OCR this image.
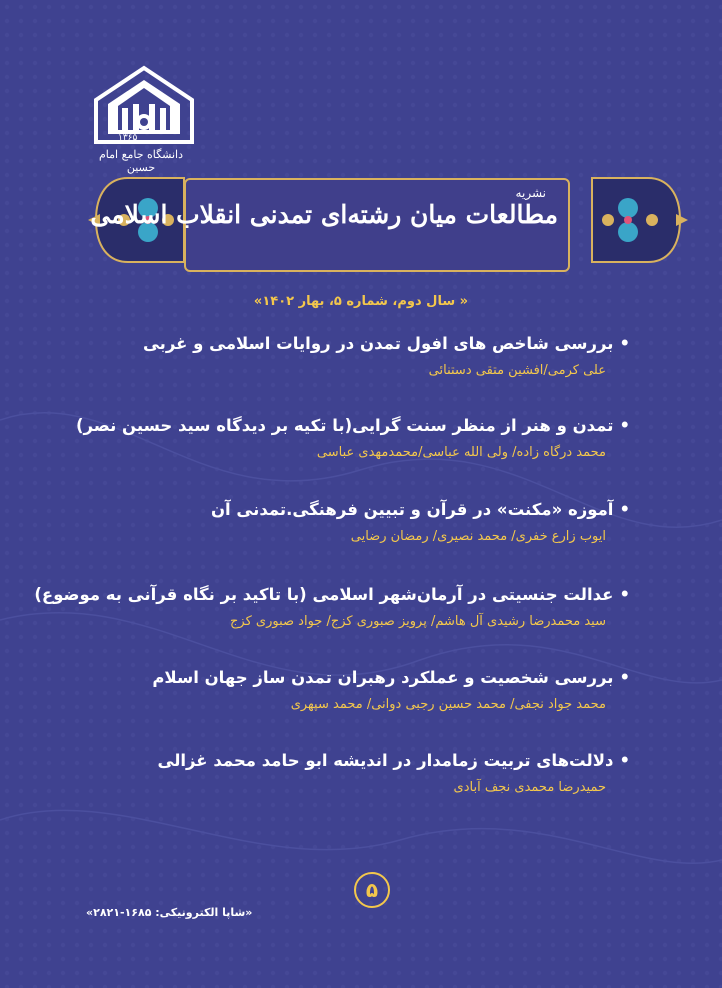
۱۳۶۵
دانشگاه جامع امام حسین
نشریه
مطالعات میان رشته‌ای تمدنی انقلاب اسلامی
« سال دوم، شماره ۵، بهار ۱۴۰۲»
•بررسی شاخص های افول تمدن در روایات اسلامی و غربی
علی کرمی/افشین متقی دستنائی
•تمدن و هنر از منظر سنت گرایی(با تکیه بر دیدگاه سید حسین نصر)
محمد درگاه زاده/ ولی الله عباسی/محمدمهدی عباسی
•آموزه «مکنت» در قرآن و تبیین فرهنگی.تمدنی آن
ایوب زارع خفری/ محمد نصیری/ رمضان رضایی
•عدالت جنسیتی در آرمان‌شهر اسلامی (با تاکید بر نگاه قرآنی به موضوع)
سید محمدرضا رشیدی آل هاشم/ پرویز صبوری کزج/ جواد صبوری کزج
•بررسی شخصیت و عملکرد رهبران تمدن ساز جهان اسلام
محمد جواد نجفی/ محمد حسین رجبی دوانی/ محمد سپهری
•دلالت‌های تربیت زمامدار در اندیشه ابو حامد محمد غزالی
حمیدرضا محمدی نجف آبادی
۵
«شاپا الکترونیکی: ۱۶۸۵-۲۸۲۱»
